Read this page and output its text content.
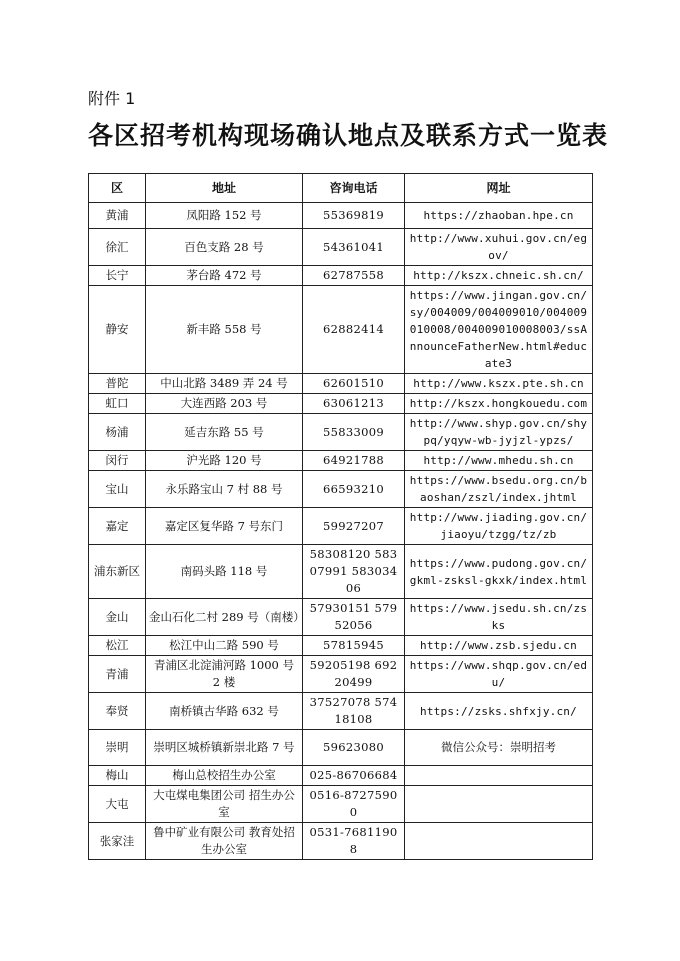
附件 1
各区招考机构现场确认地点及联系方式一览表
区	地址	咨询电话	网址
黄浦	凤阳路 152 号	55369819	https://zhaoban.hpe.cn
徐汇	百色支路 28 号	54361041	http://www.xuhui.gov.cn/egov/
长宁	茅台路 472 号	62787558	http://kszx.chneic.sh.cn/
静安	新丰路 558 号	62882414	https://www.jingan.gov.cn/sy/004009/004009010/004009010008/004009010008003/ssAnnounceFatherNew.html#educate3
普陀	中山北路 3489 弄 24 号	62601510	http://www.kszx.pte.sh.cn
虹口	大连西路 203 号	63061213	http://kszx.hongkouedu.com
杨浦	延吉东路 55 号	55833009	http://www.shyp.gov.cn/shypq/yqyw-wb-jyjzl-ypzs/
闵行	沪光路 120 号	64921788	http://www.mhedu.sh.cn
宝山	永乐路宝山 7 村 88 号	66593210	https://www.bsedu.org.cn/baoshan/zszl/index.jhtml
嘉定	嘉定区复华路 7 号东门	59927207	http://www.jiading.gov.cn/jiaoyu/tzgg/tz/zb
浦东新区	南码头路 118 号	58308120 58307991 58303406	https://www.pudong.gov.cn/gkml-zsksl-gkxk/index.html
金山	金山石化二村 289 号（南楼）	57930151 57952056	https://www.jsedu.sh.cn/zsks
松江	松江中山二路 590 号	57815945	http://www.zsb.sjedu.cn
青浦	青浦区北淀浦河路 1000 号 2 楼	59205198 69220499	https://www.shqp.gov.cn/edu/
奉贤	南桥镇古华路 632 号	37527078 57418108	https://zsks.shfxjy.cn/
崇明	崇明区城桥镇新崇北路 7 号	59623080	微信公众号：崇明招考
梅山	梅山总校招生办公室	025-86706684	
大屯	大屯煤电集团公司 招生办公室	0516-87275900	
张家洼	鲁中矿业有限公司 教育处招生办公室	0531-76811908	
